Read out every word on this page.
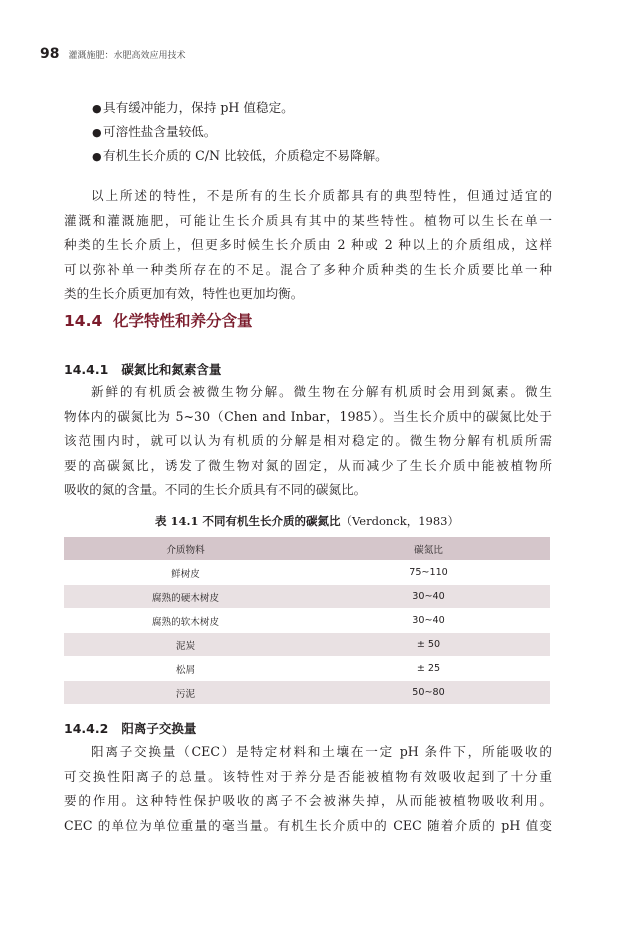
98 灌溉施肥：水肥高效应用技术
●具有缓冲能力，保持 pH 值稳定。
●可溶性盐含量较低。
●有机生长介质的 C/N 比较低，介质稳定不易降解。

以上所述的特性，不是所有的生长介质都具有的典型特性，但通过适宜的
灌溉和灌溉施肥，可能让生长介质具有其中的某些特性。植物可以生长在单一
种类的生长介质上，但更多时候生长介质由 2 种或 2 种以上的介质组成，这样
可以弥补单一种类所存在的不足。混合了多种介质种类的生长介质要比单一种
类的生长介质更加有效，特性也更加均衡。

14.4 化学特性和养分含量
14.4.1 碳氮比和氮素含量

新鲜的有机质会被微生物分解。微生物在分解有机质时会用到氮素。微生
物体内的碳氮比为 5~30（Chen and Inbar，1985）。当生长介质中的碳氮比处于
该范围内时，就可以认为有机质的分解是相对稳定的。微生物分解有机质所需
要的高碳氮比，诱发了微生物对氮的固定，从而减少了生长介质中能被植物所
吸收的氮的含量。不同的生长介质具有不同的碳氮比。

表 14.1 不同有机生长介质的碳氮比（Verdonck，1983）
介质物料	碳氮比
鲜树皮	75~110
腐熟的硬木树皮	30~40
腐熟的软木树皮	30~40
泥炭	± 50
松屑	± 25
污泥	50~80
14.4.2 阳离子交换量

阳离子交换量（CEC）是特定材料和土壤在一定 pH 条件下，所能吸收的
可交换性阳离子的总量。该特性对于养分是否能被植物有效吸收起到了十分重
要的作用。这种特性保护吸收的离子不会被淋失掉，从而能被植物吸收利用。
CEC 的单位为单位重量的毫当量。有机生长介质中的 CEC 随着介质的 pH 值变
